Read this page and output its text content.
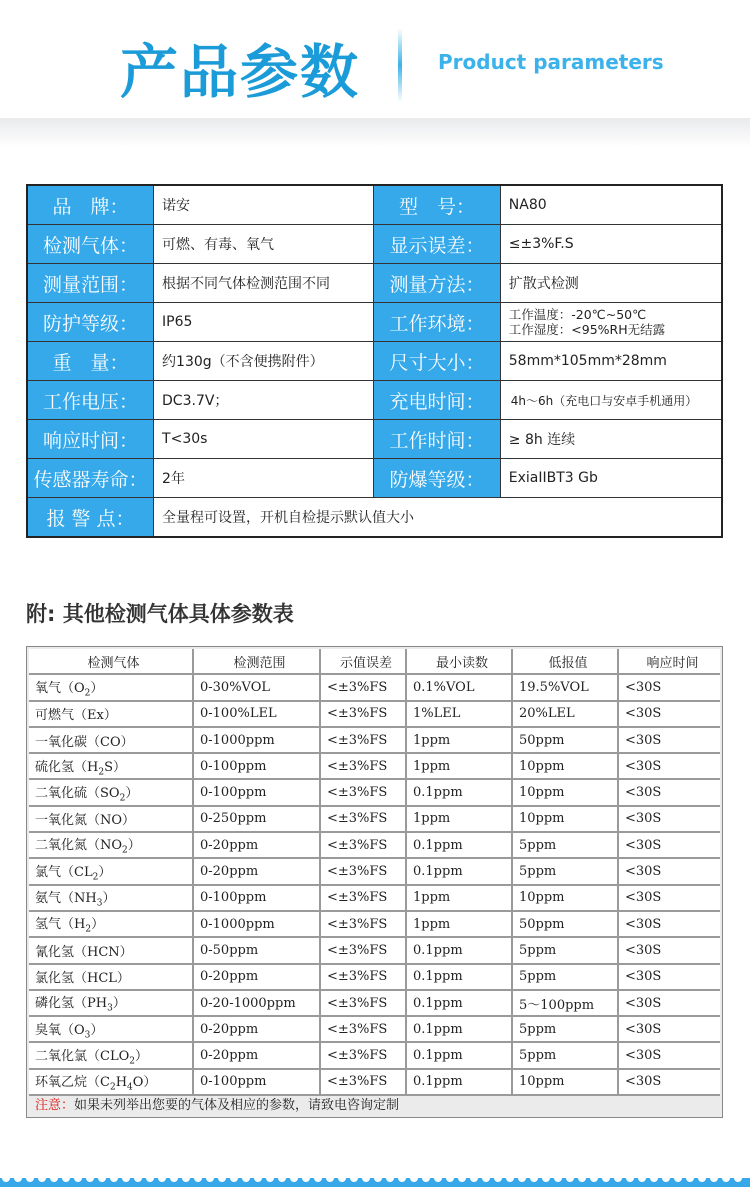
产品参数	Product parameters
品　牌：	诺安	型　号：	NA80
检测气体：	可燃、有毒、氧气	显示误差：	≤±3%F.S
测量范围：	根据不同气体检测范围不同	测量方法：	扩散式检测
防护等级：	IP65	工作环境：	工作温度：-20℃~50℃
工作湿度：<95%RH无结露

重　量：	约130g（不含便携附件）	尺寸大小：	58mm*105mm*28mm
工作电压：	DC3.7V；	充电时间：	4h～6h（充电口与安卓手机通用）
响应时间：	T<30s	工作时间：	≥ 8h 连续
传感器寿命：	2年	防爆等级：	ExiaIIBT3 Gb
报 警 点：	全量程可设置，开机自检提示默认值大小		
附: 其他检测气体具体参数表
检测气体	检测范围	示值误差	最小读数	低报值	响应时间
氧气$(O_2)$	0-30%VOL	<±3%FS	0.1%VOL	19.5%VOL	<30S
可燃气（Ex）	0-100%LEL	<±3%FS	1%LEL	20%LEL	<30S
一氧化碳（CO）	0-1000ppm	<±3%FS	1ppm	50ppm	<30S
硫化氢$(H_2S)$	0-100ppm	<±3%FS	1ppm	10ppm	<30S
二氧化硫$(SO_2)$	0-100ppm	<±3%FS	0.1ppm	10ppm	<30S
一氧化氮（NO）	0-250ppm	<±3%FS	1ppm	10ppm	<30S
二氧化氮$(NO_2)$	0-20ppm	<±3%FS	0.1ppm	5ppm	<30S
氯气$(CL_2)$	0-20ppm	<±3%FS	0.1ppm	5ppm	<30S
氨气$(NH_3)$	0-100ppm	<±3%FS	1ppm	10ppm	<30S
氢气$(H_2)$	0-1000ppm	<±3%FS	1ppm	50ppm	<30S
氰化氢（HCN）	0-50ppm	<±3%FS	0.1ppm	5ppm	<30S
氯化氢（HCL）	0-20ppm	<±3%FS	0.1ppm	5ppm	<30S
磷化氢$(PH_3)$	0-20-1000ppm	<±3%FS	0.1ppm	5～100ppm	<30S
臭氧$(O_3)$	0-20ppm	<±3%FS	0.1ppm	5ppm	<30S
二氧化氯$(CLO_2)$	0-20ppm	<±3%FS	0.1ppm	5ppm	<30S
环氧乙烷$(C_2H_4O)$	0-100ppm	<±3%FS	0.1ppm	10ppm	<30S
注意：如果未列举出您要的气体及相应的参数，请致电咨询定制
